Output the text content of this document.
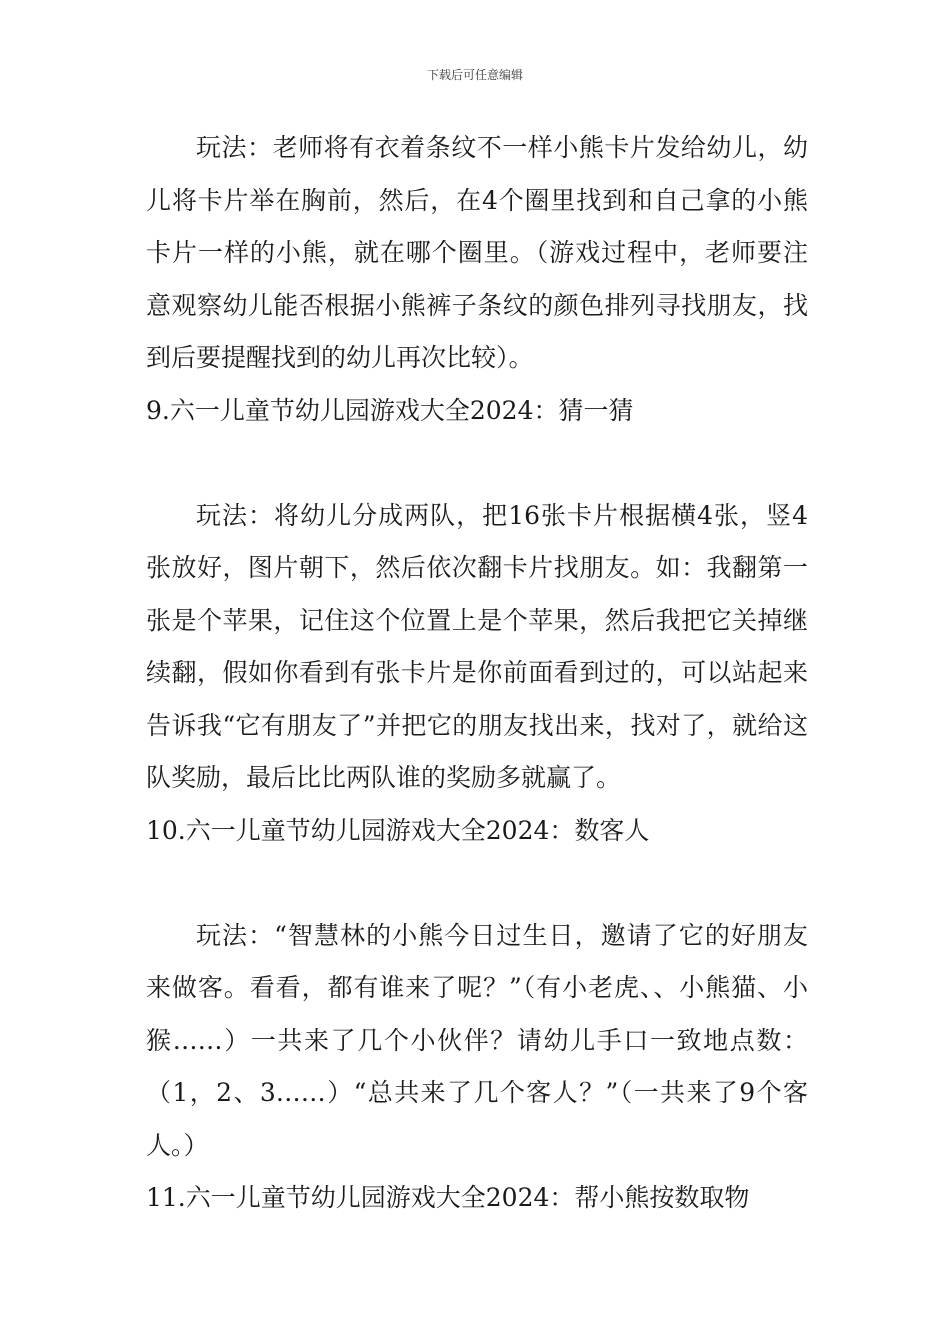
下载后可任意编辑

玩法：老师将有衣着条纹不一样小熊卡片发给幼儿，幼儿将卡片举在胸前，然后，在4个圈里找到和自己拿的小熊卡片一样的小熊，就在哪个圈里。（游戏过程中，老师要注意观察幼儿能否根据小熊裤子条纹的颜色排列寻找朋友，找到后要提醒找到的幼儿再次比较）。

9.六一儿童节幼儿园游戏大全2024：猜一猜

玩法：将幼儿分成两队，把16张卡片根据横4张，竖4张放好，图片朝下，然后依次翻卡片找朋友。如：我翻第一张是个苹果，记住这个位置上是个苹果，然后我把它关掉继续翻，假如你看到有张卡片是你前面看到过的，可以站起来告诉我“它有朋友了”并把它的朋友找出来，找对了，就给这队奖励，最后比比两队谁的奖励多就赢了。

10.六一儿童节幼儿园游戏大全2024：数客人

玩法：“智慧林的小熊今日过生日，邀请了它的好朋友来做客。看看，都有谁来了呢？”（有小老虎、、小熊猫、小猴……）一共来了几个小伙伴？请幼儿手口一致地点数：（1，2、3……）“总共来了几个客人？”（一共来了9个客人。）

11.六一儿童节幼儿园游戏大全2024：帮小熊按数取物
